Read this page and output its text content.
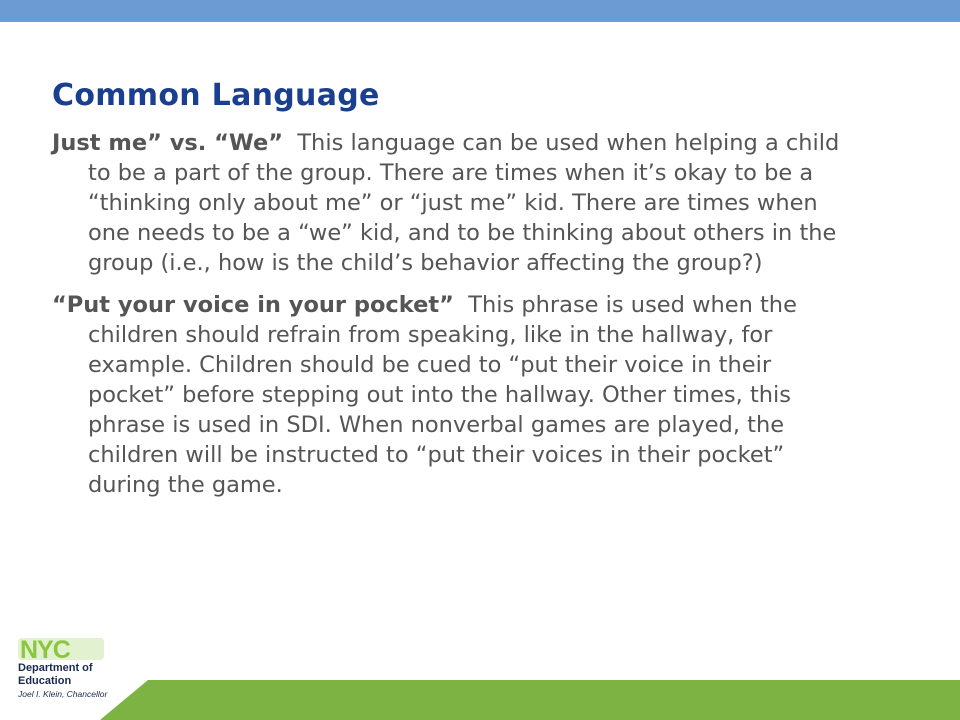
Common Language

Just me” vs. “We” This language can be used when helping a child to be a part of the group. There are times when it’s okay to be a “thinking only about me” or “just me” kid. There are times when one needs to be a “we” kid, and to be thinking about others in the group (i.e., how is the child’s behavior affecting the group?)

“Put your voice in your pocket” This phrase is used when the children should refrain from speaking, like in the hallway, for example. Children should be cued to “put their voice in their pocket” before stepping out into the hallway. Other times, this phrase is used in SDI. When nonverbal games are played, the children will be instructed to “put their voices in their pocket” during the game.

NYC
Department of
Education
Joel I. Klein, Chancellor
